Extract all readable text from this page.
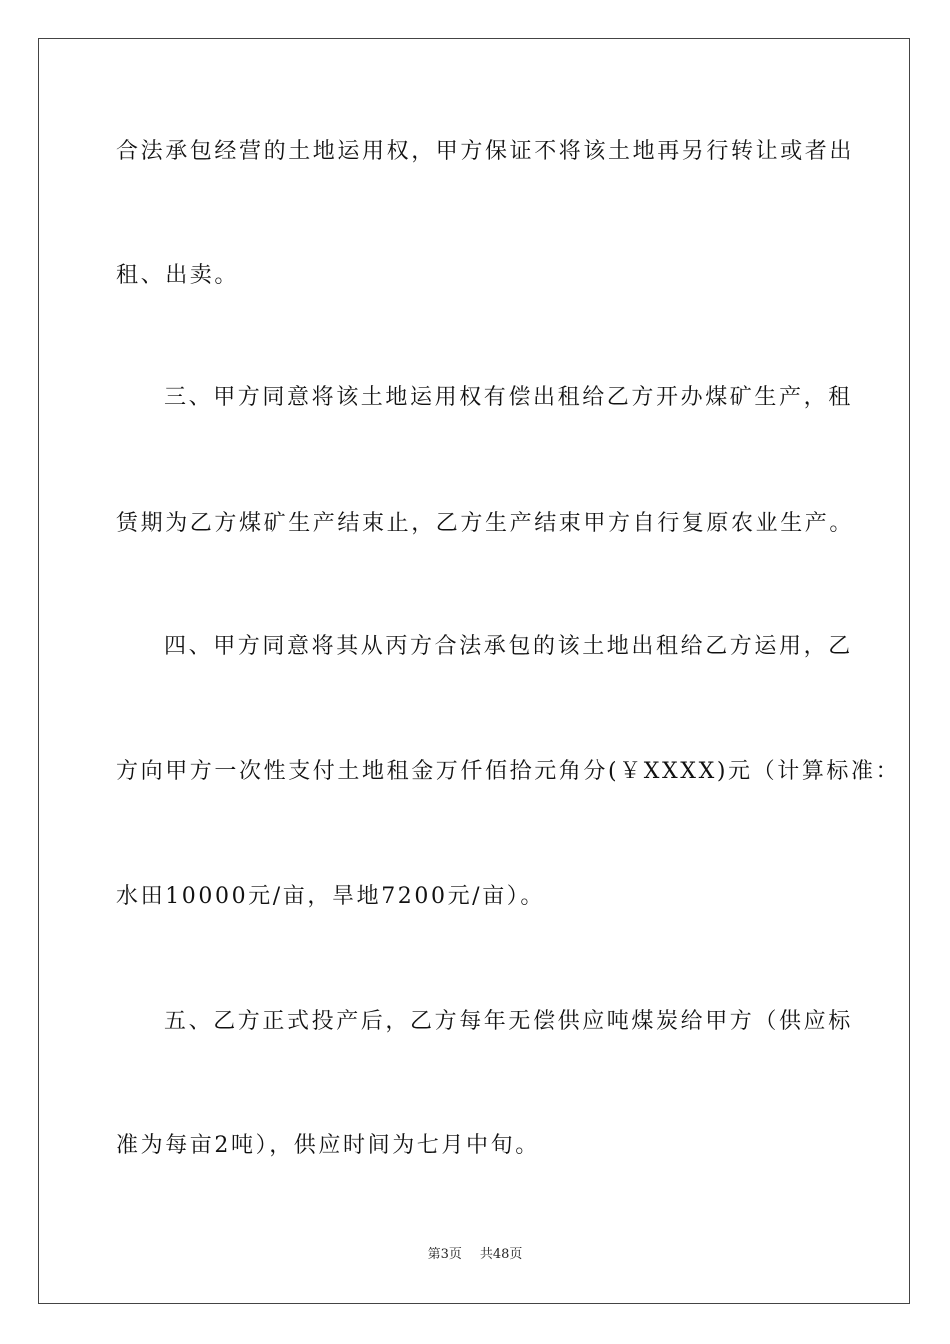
合法承包经营的土地运用权，甲方保证不将该土地再另行转让或者出
租、出卖。
三、甲方同意将该土地运用权有偿出租给乙方开办煤矿生产，租
赁期为乙方煤矿生产结束止，乙方生产结束甲方自行复原农业生产。
四、甲方同意将其从丙方合法承包的该土地出租给乙方运用，乙
方向甲方一次性支付土地租金万仟佰拾元角分(￥XXXX)元（计算标准：
水田10000元/亩，旱地7200元/亩）。
五、乙方正式投产后，乙方每年无偿供应吨煤炭给甲方（供应标
准为每亩2吨），供应时间为七月中旬。
第3页 共48页
